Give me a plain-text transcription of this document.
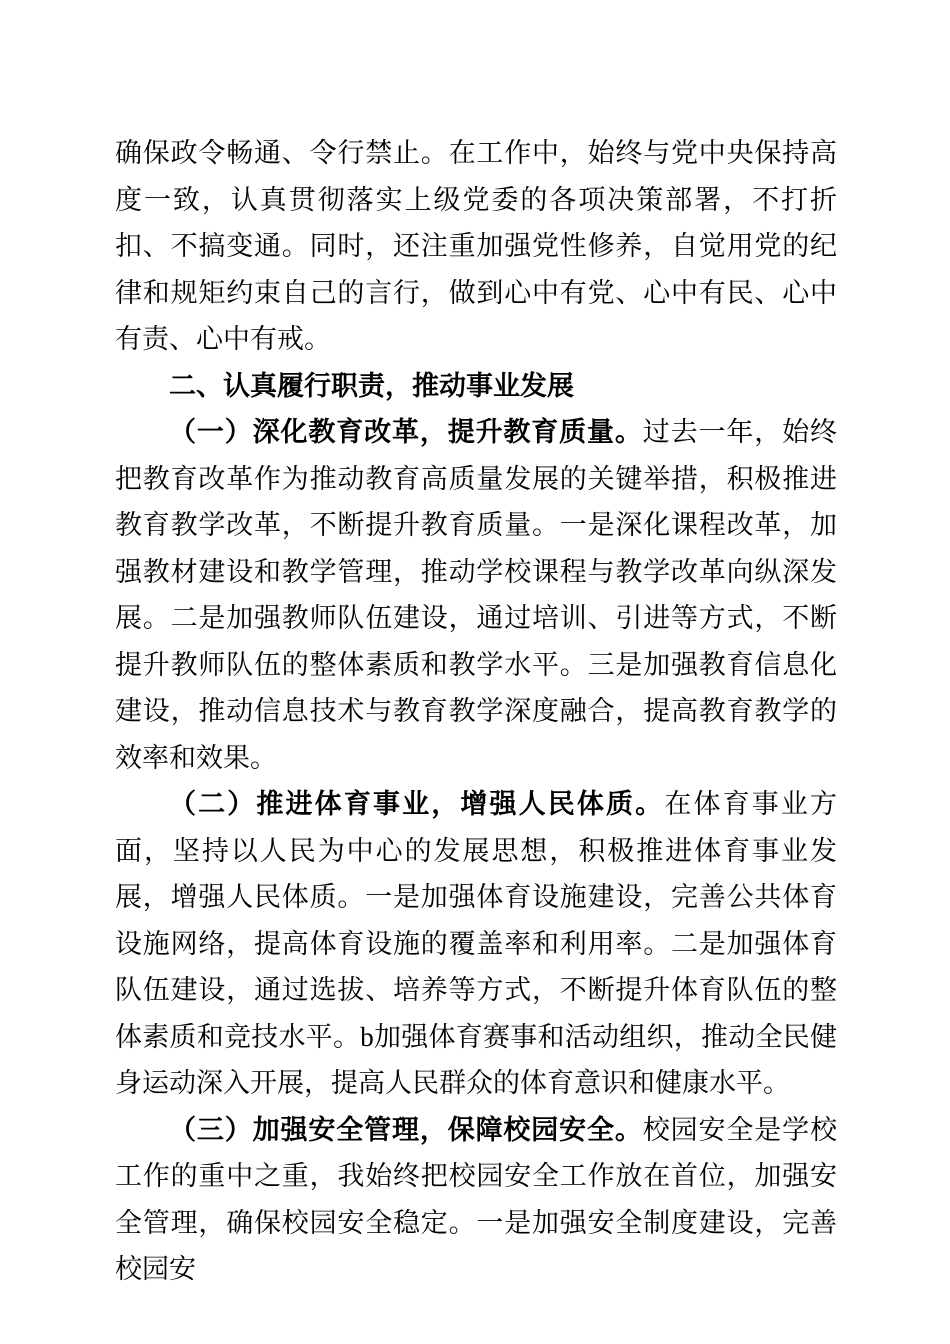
确保政令畅通、令行禁止。在工作中，始终与党中央保持高度一致，认真贯彻落实上级党委的各项决策部署，不打折扣、不搞变通。同时，还注重加强党性修养，自觉用党的纪律和规矩约束自己的言行，做到心中有党、心中有民、心中有责、心中有戒。

二、认真履行职责，推动事业发展

（一）深化教育改革，提升教育质量。过去一年，始终把教育改革作为推动教育高质量发展的关键举措，积极推进教育教学改革，不断提升教育质量。一是深化课程改革，加强教材建设和教学管理，推动学校课程与教学改革向纵深发展。二是加强教师队伍建设，通过培训、引进等方式，不断提升教师队伍的整体素质和教学水平。三是加强教育信息化建设，推动信息技术与教育教学深度融合，提高教育教学的效率和效果。

（二）推进体育事业，增强人民体质。在体育事业方面，坚持以人民为中心的发展思想，积极推进体育事业发展，增强人民体质。一是加强体育设施建设，完善公共体育设施网络，提高体育设施的覆盖率和利用率。二是加强体育队伍建设，通过选拔、培养等方式，不断提升体育队伍的整体素质和竞技水平。b加强体育赛事和活动组织，推动全民健身运动深入开展，提高人民群众的体育意识和健康水平。

（三）加强安全管理，保障校园安全。校园安全是学校工作的重中之重，我始终把校园安全工作放在首位，加强安全管理，确保校园安全稳定。一是加强安全制度建设，完善校园安
